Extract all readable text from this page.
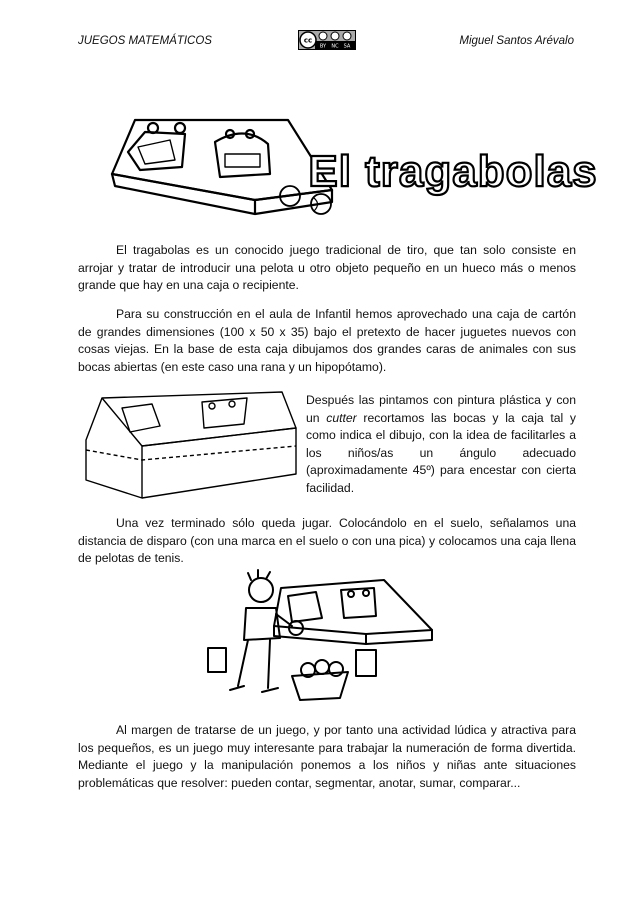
JUEGOS MATEMÁTICOS	cc
BY NC SA	Miguel Santos Arévalo
El tragabolas

El tragabolas es un conocido juego tradicional de tiro, que tan solo consiste en arrojar y tratar de introducir una pelota u otro objeto pequeño en un hueco más o menos grande que hay en una caja o recipiente.

Para su construcción en el aula de Infantil hemos aprovechado una caja de cartón de grandes dimensiones (100 x 50 x 35) bajo el pretexto de hacer juguetes nuevos con cosas viejas. En la base de esta caja dibujamos dos grandes caras de animales con sus bocas abiertas (en este caso una rana y un hipopótamo).

Después las pintamos con pintura plástica y con un cutter recortamos las bocas y la caja tal y como indica el dibujo, con la idea de facilitarles a los niños/as un ángulo adecuado (aproximadamente 45º) para encestar con cierta facilidad.

Una vez terminado sólo queda jugar. Colocándolo en el suelo, señalamos una distancia de disparo (con una marca en el suelo o con una pica) y colocamos una caja llena de pelotas de tenis.

Al margen de tratarse de un juego, y por tanto una actividad lúdica y atractiva para los pequeños, es un juego muy interesante para trabajar la numeración de forma divertida. Mediante el juego y la manipulación ponemos a los niños y niñas ante situaciones problemáticas que resolver: pueden contar, segmentar, anotar, sumar, comparar...
